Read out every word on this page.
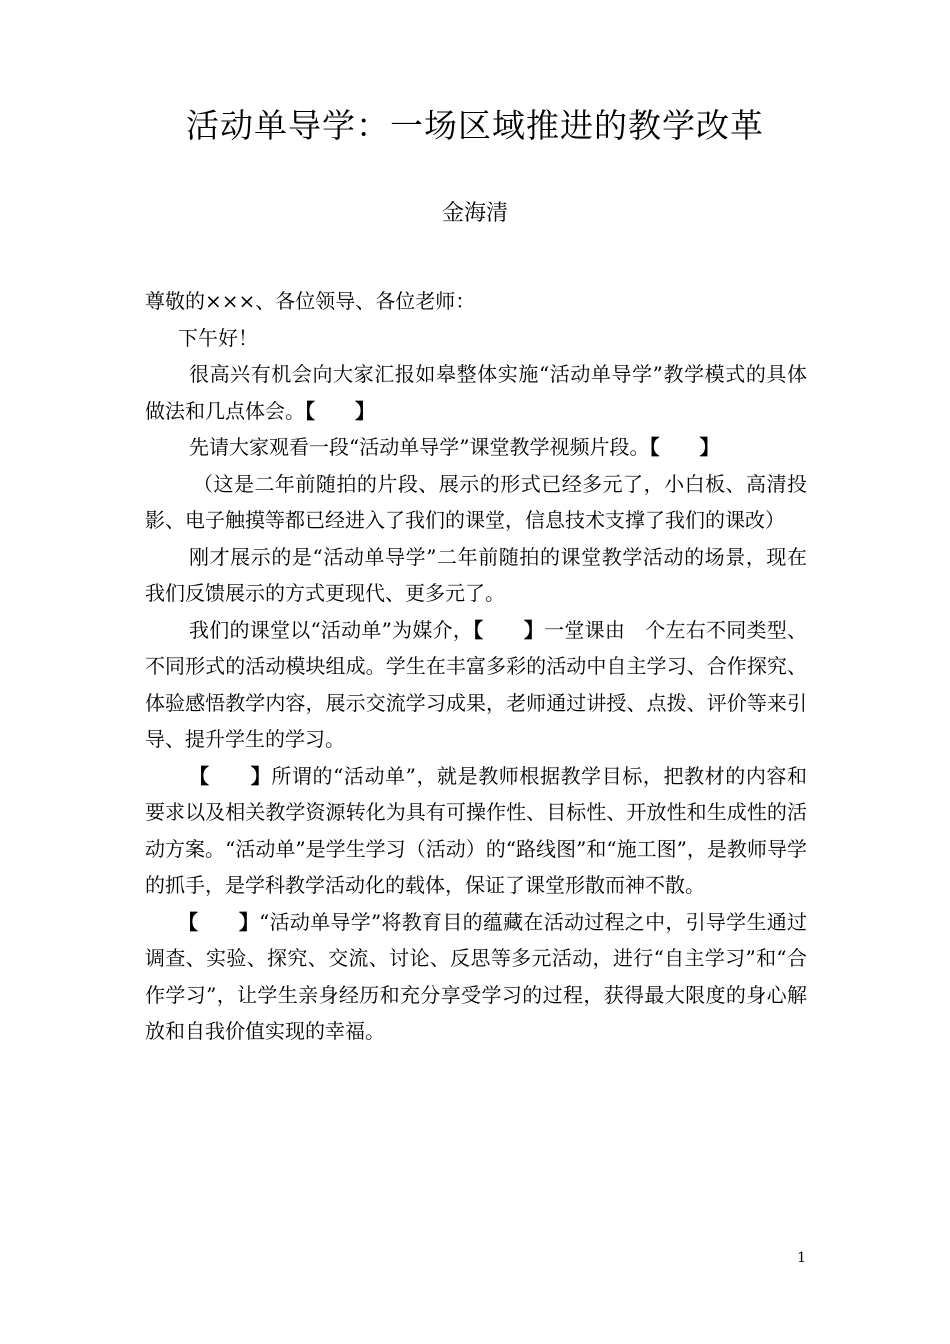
活动单导学：一场区域推进的教学改革
金海清

尊敬的×××、各位领导、各位老师：

下午好！

很高兴有机会向大家汇报如皋整体实施“活动单导学”教学模式的具体做法和几点体会。【　　】

先请大家观看一段“活动单导学”课堂教学视频片段。【　　】

（这是二年前随拍的片段、展示的形式已经多元了，小白板、高清投影、电子触摸等都已经进入了我们的课堂，信息技术支撑了我们的课改）

刚才展示的是“活动单导学”二年前随拍的课堂教学活动的场景，现在我们反馈展示的方式更现代、更多元了。

我们的课堂以“活动单”为媒介，【　　】一堂课由　个左右不同类型、不同形式的活动模块组成。学生在丰富多彩的活动中自主学习、合作探究、体验感悟教学内容，展示交流学习成果，老师通过讲授、点拨、评价等来引导、提升学生的学习。

【　　】所谓的“活动单”，就是教师根据教学目标，把教材的内容和要求以及相关教学资源转化为具有可操作性、目标性、开放性和生成性的活动方案。“活动单”是学生学习（活动）的“路线图”和“施工图”，是教师导学的抓手，是学科教学活动化的载体，保证了课堂形散而神不散。

【　　】“活动单导学”将教育目的蕴藏在活动过程之中，引导学生通过调查、实验、探究、交流、讨论、反思等多元活动，进行“自主学习”和“合作学习”，让学生亲身经历和充分享受学习的过程，获得最大限度的身心解放和自我价值实现的幸福。

1
